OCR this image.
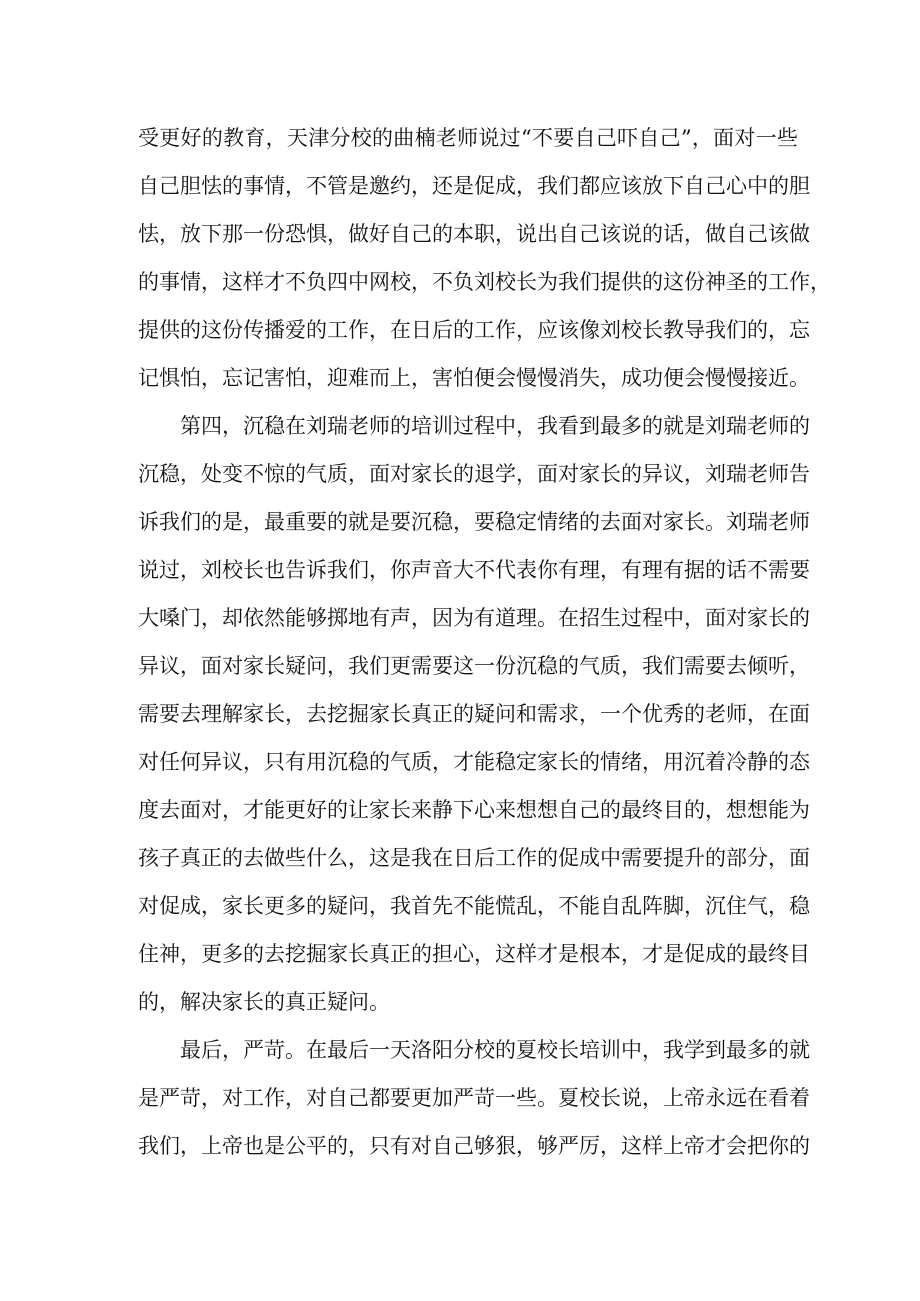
受更好的教育，天津分校的曲楠老师说过“不要自己吓自己”，面对一些
自己胆怯的事情，不管是邀约，还是促成，我们都应该放下自己心中的胆
怯，放下那一份恐惧，做好自己的本职，说出自己该说的话，做自己该做
的事情，这样才不负四中网校，不负刘校长为我们提供的这份神圣的工作，
提供的这份传播爱的工作，在日后的工作，应该像刘校长教导我们的，忘
记惧怕，忘记害怕，迎难而上，害怕便会慢慢消失，成功便会慢慢接近。
第四，沉稳在刘瑞老师的培训过程中，我看到最多的就是刘瑞老师的
沉稳，处变不惊的气质，面对家长的退学，面对家长的异议，刘瑞老师告
诉我们的是，最重要的就是要沉稳，要稳定情绪的去面对家长。刘瑞老师
说过，刘校长也告诉我们，你声音大不代表你有理，有理有据的话不需要
大嗓门，却依然能够掷地有声，因为有道理。在招生过程中，面对家长的
异议，面对家长疑问，我们更需要这一份沉稳的气质，我们需要去倾听，
需要去理解家长，去挖掘家长真正的疑问和需求，一个优秀的老师，在面
对任何异议，只有用沉稳的气质，才能稳定家长的情绪，用沉着冷静的态
度去面对，才能更好的让家长来静下心来想想自己的最终目的，想想能为
孩子真正的去做些什么，这是我在日后工作的促成中需要提升的部分，面
对促成，家长更多的疑问，我首先不能慌乱，不能自乱阵脚，沉住气，稳
住神，更多的去挖掘家长真正的担心，这样才是根本，才是促成的最终目
的，解决家长的真正疑问。
最后，严苛。在最后一天洛阳分校的夏校长培训中，我学到最多的就
是严苛，对工作，对自己都要更加严苛一些。夏校长说，上帝永远在看着
我们，上帝也是公平的，只有对自己够狠，够严厉，这样上帝才会把你的
